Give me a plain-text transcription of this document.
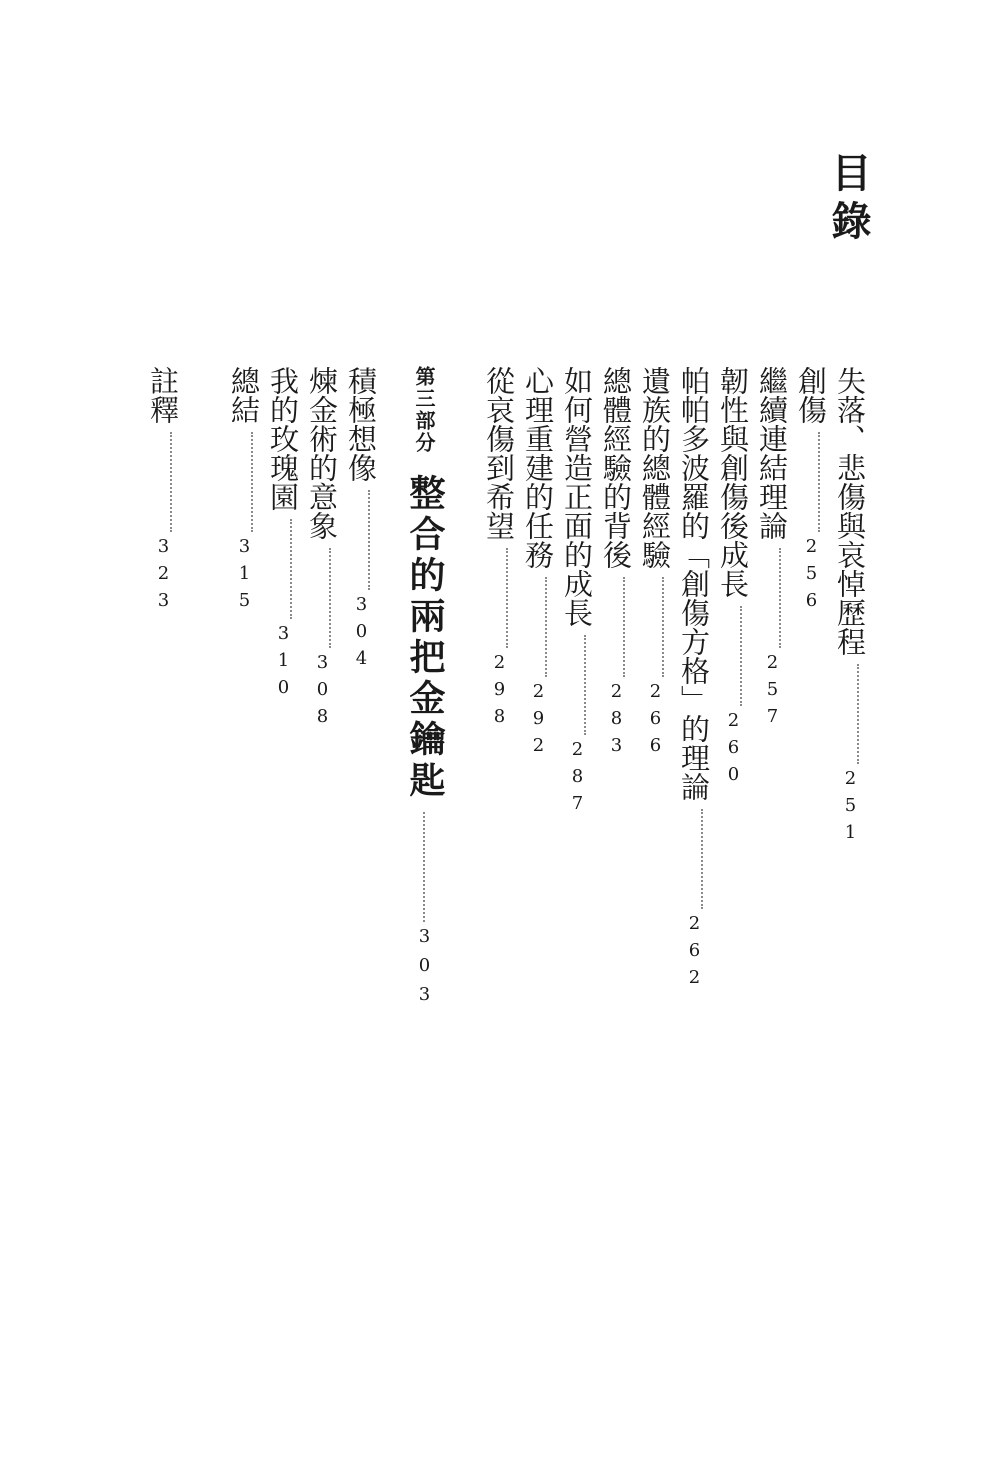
目錄
失落、悲傷與哀悼歷程251
創傷256
繼續連結理論257
韌性與創傷後成長260
帕帕多波羅的「創傷方格」的理論262
遺族的總體經驗266
總體經驗的背後283
如何營造正面的成長287
心理重建的任務292
從哀傷到希望298
第三部分整合的兩把金鑰匙303
積極想像304
煉金術的意象308
我的玫瑰園310
總結315
註釋323
